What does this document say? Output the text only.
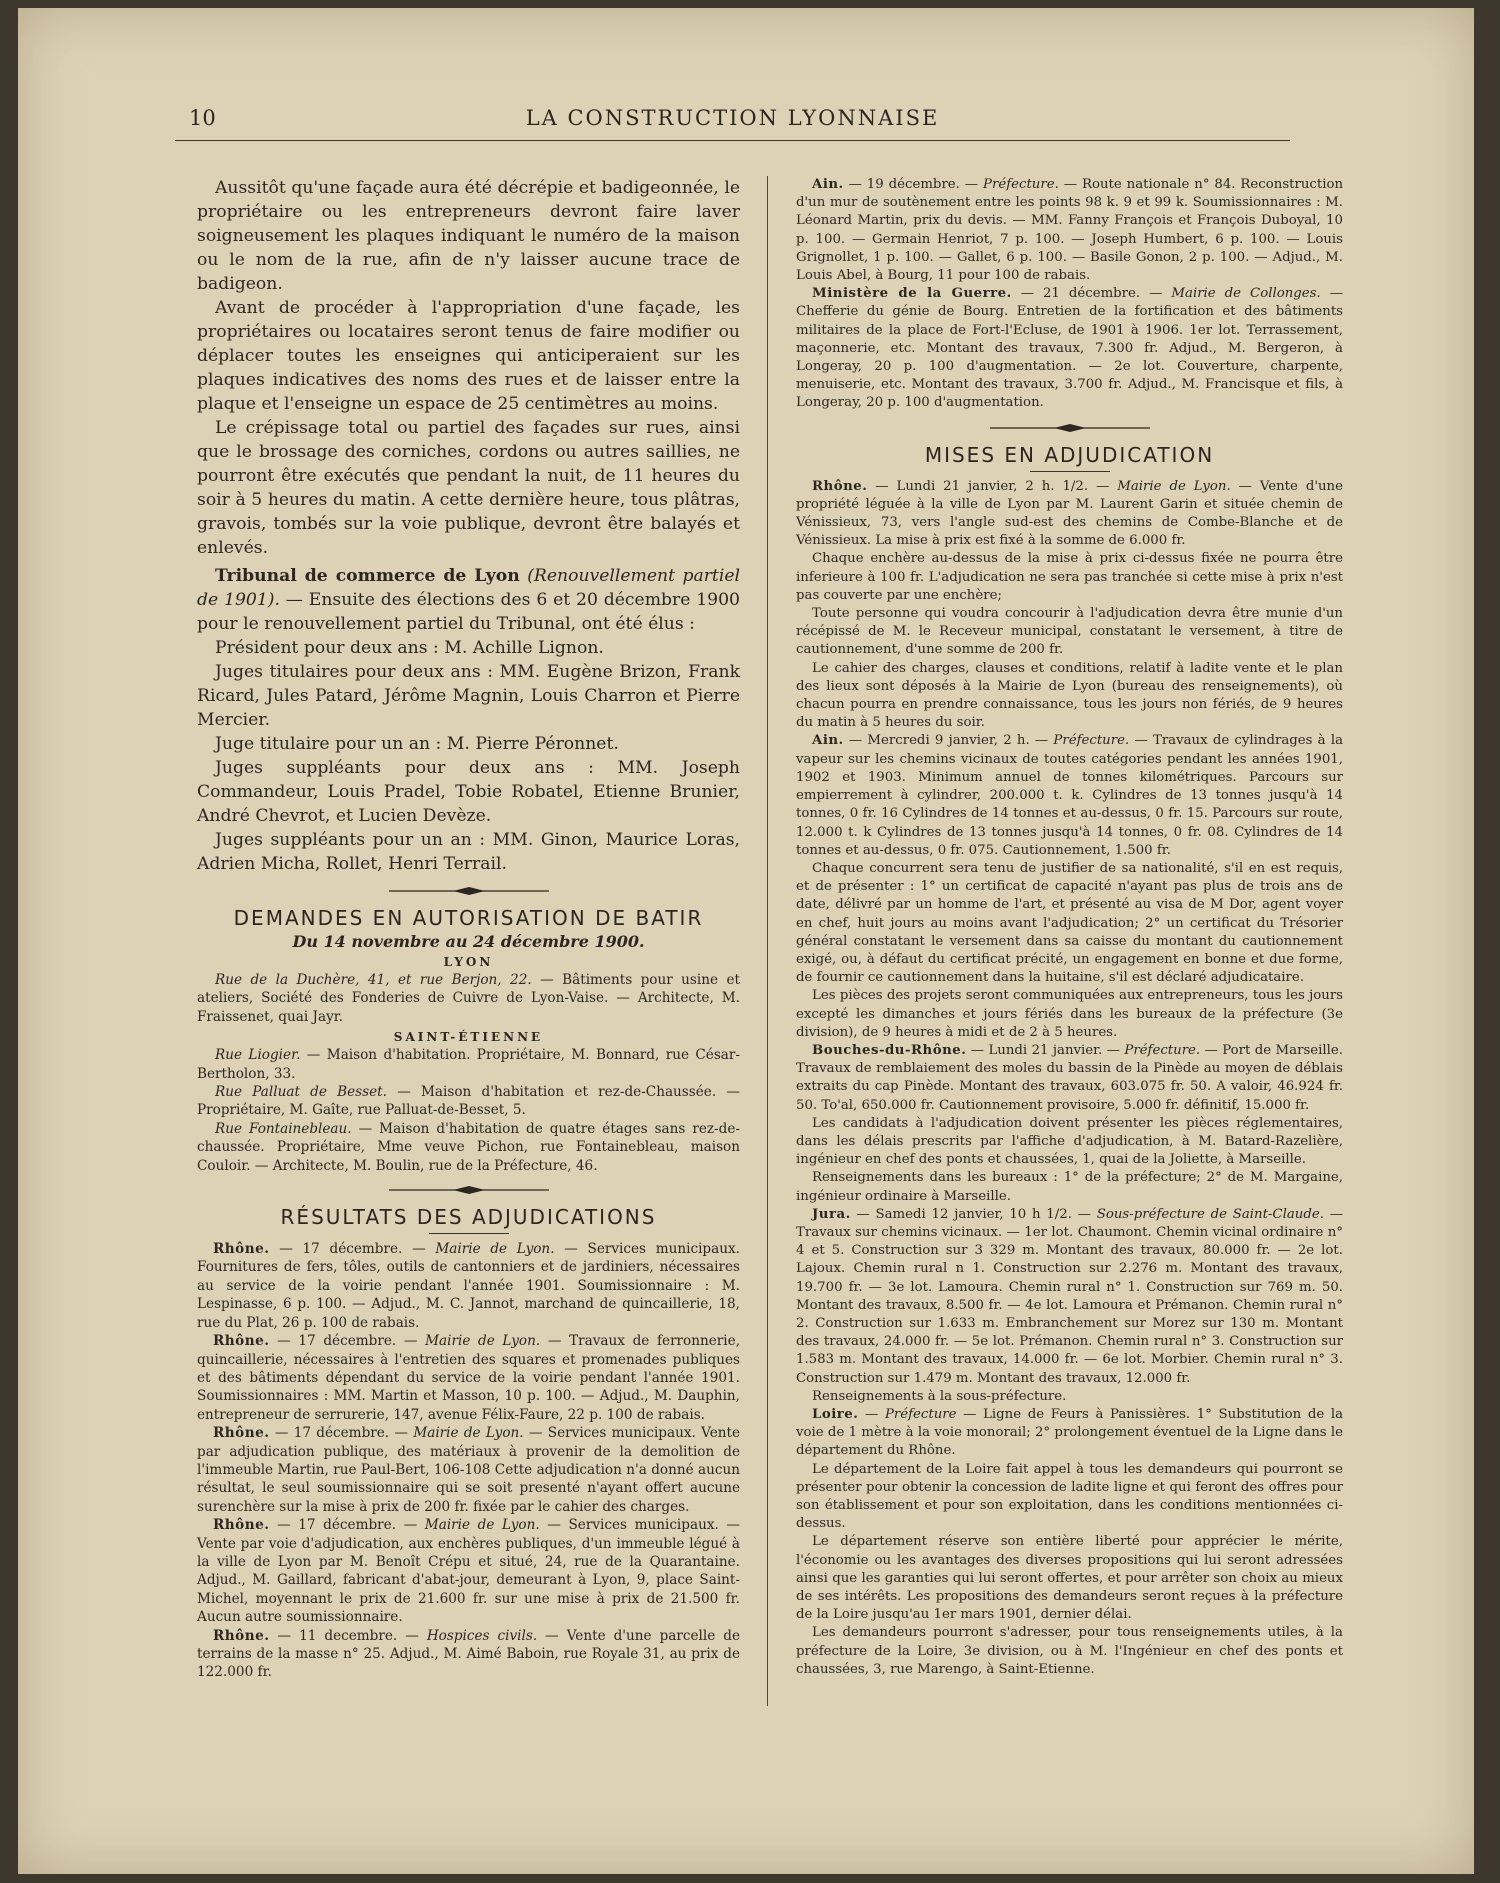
10	LA CONSTRUCTION LYONNAISE

Aussitôt qu'une façade aura été décrépie et badigeonnée, le propriétaire ou les entrepreneurs devront faire laver soigneusement les plaques indiquant le numéro de la maison ou le nom de la rue, afin de n'y laisser aucune trace de badigeon.

Avant de procéder à l'appropriation d'une façade, les propriétaires ou locataires seront tenus de faire modifier ou déplacer toutes les enseignes qui anticiperaient sur les plaques indicatives des noms des rues et de laisser entre la plaque et l'enseigne un espace de 25 centimètres au moins.

Le crépissage total ou partiel des façades sur rues, ainsi que le brossage des corniches, cordons ou autres saillies, ne pourront être exécutés que pendant la nuit, de 11 heures du soir à 5 heures du matin. A cette dernière heure, tous plâtras, gravois, tombés sur la voie publique, devront être balayés et enlevés.

Tribunal de commerce de Lyon (Renouvellement partiel de 1901). — Ensuite des élections des 6 et 20 décembre 1900 pour le renouvellement partiel du Tribunal, ont été élus :

Président pour deux ans : M. Achille Lignon.

Juges titulaires pour deux ans : MM. Eugène Brizon, Frank Ricard, Jules Patard, Jérôme Magnin, Louis Charron et Pierre Mercier.

Juge titulaire pour un an : M. Pierre Péronnet.

Juges suppléants pour deux ans : MM. Joseph Commandeur, Louis Pradel, Tobie Robatel, Etienne Brunier, André Chevrot, et Lucien Devèze.

Juges suppléants pour un an : MM. Ginon, Maurice Loras, Adrien Micha, Rollet, Henri Terrail.

DEMANDES EN AUTORISATION DE BATIR
Du 14 novembre au 24 décembre 1900.
LYON

Rue de la Duchère, 41, et rue Berjon, 22. — Bâtiments pour usine et ateliers, Société des Fonderies de Cuivre de Lyon-Vaise. — Architecte, M. Fraissenet, quai Jayr.

SAINT-ÉTIENNE

Rue Liogier. — Maison d'habitation. Propriétaire, M. Bonnard, rue César-Bertholon, 33.

Rue Palluat de Besset. — Maison d'habitation et rez-de-Chaussée. — Propriétaire, M. Gaîte, rue Palluat-de-Besset, 5.

Rue Fontainebleau. — Maison d'habitation de quatre étages sans rez-de-chaussée. Propriétaire, Mme veuve Pichon, rue Fontainebleau, maison Couloir. — Architecte, M. Boulin, rue de la Préfecture, 46.

RÉSULTATS DES ADJUDICATIONS

Rhône. — 17 décembre. — Mairie de Lyon. — Services municipaux. Fournitures de fers, tôles, outils de cantonniers et de jardiniers, nécessaires au service de la voirie pendant l'année 1901. Soumissionnaire : M. Lespinasse, 6 p. 100. — Adjud., M. C. Jannot, marchand de quincaillerie, 18, rue du Plat, 26 p. 100 de rabais.

Rhône. — 17 décembre. — Mairie de Lyon. — Travaux de ferronnerie, quincaillerie, nécessaires à l'entretien des squares et promenades publiques et des bâtiments dépendant du service de la voirie pendant l'année 1901. Soumissionnaires : MM. Martin et Masson, 10 p. 100. — Adjud., M. Dauphin, entrepreneur de serrurerie, 147, avenue Félix-Faure, 22 p. 100 de rabais.

Rhône. — 17 décembre. — Mairie de Lyon. — Services municipaux. Vente par adjudication publique, des matériaux à provenir de la demolition de l'immeuble Martin, rue Paul-Bert, 106-108 Cette adjudication n'a donné aucun résultat, le seul soumissionnaire qui se soit presenté n'ayant offert aucune surenchère sur la mise à prix de 200 fr. fixée par le cahier des charges.

Rhône. — 17 décembre. — Mairie de Lyon. — Services municipaux. — Vente par voie d'adjudication, aux enchères publiques, d'un immeuble légué à la ville de Lyon par M. Benoît Crépu et situé, 24, rue de la Quarantaine. Adjud., M. Gaillard, fabricant d'abat-jour, demeurant à Lyon, 9, place Saint-Michel, moyennant le prix de 21.600 fr. sur une mise à prix de 21.500 fr. Aucun autre soumissionnaire.

Rhône. — 11 decembre. — Hospices civils. — Vente d'une parcelle de terrains de la masse n° 25. Adjud., M. Aimé Baboin, rue Royale 31, au prix de 122.000 fr.

Ain. — 19 décembre. — Préfecture. — Route nationale n° 84. Reconstruction d'un mur de soutènement entre les points 98 k. 9 et 99 k. Soumissionnaires : M. Léonard Martin, prix du devis. — MM. Fanny François et François Duboyal, 10 p. 100. — Germain Henriot, 7 p. 100. — Joseph Humbert, 6 p. 100. — Louis Grignollet, 1 p. 100. — Gallet, 6 p. 100. — Basile Gonon, 2 p. 100. — Adjud., M. Louis Abel, à Bourg, 11 pour 100 de rabais.

Ministère de la Guerre. — 21 décembre. — Mairie de Collonges. — Chefferie du génie de Bourg. Entretien de la fortification et des bâtiments militaires de la place de Fort-l'Ecluse, de 1901 à 1906. 1er lot. Terrassement, maçonnerie, etc. Montant des travaux, 7.300 fr. Adjud., M. Bergeron, à Longeray, 20 p. 100 d'augmentation. — 2e lot. Couverture, charpente, menuiserie, etc. Montant des travaux, 3.700 fr. Adjud., M. Francisque et fils, à Longeray, 20 p. 100 d'augmentation.

MISES EN ADJUDICATION

Rhône. — Lundi 21 janvier, 2 h. 1/2. — Mairie de Lyon. — Vente d'une propriété léguée à la ville de Lyon par M. Laurent Garin et située chemin de Vénissieux, 73, vers l'angle sud-est des chemins de Combe-Blanche et de Vénissieux. La mise à prix est fixé à la somme de 6.000 fr.

Chaque enchère au-dessus de la mise à prix ci-dessus fixée ne pourra être inferieure à 100 fr. L'adjudication ne sera pas tranchée si cette mise à prix n'est pas couverte par une enchère;

Toute personne qui voudra concourir à l'adjudication devra être munie d'un récépissé de M. le Receveur municipal, constatant le versement, à titre de cautionnement, d'une somme de 200 fr.

Le cahier des charges, clauses et conditions, relatif à ladite vente et le plan des lieux sont déposés à la Mairie de Lyon (bureau des renseignements), où chacun pourra en prendre connaissance, tous les jours non fériés, de 9 heures du matin à 5 heures du soir.

Ain. — Mercredi 9 janvier, 2 h. — Préfecture. — Travaux de cylindrages à la vapeur sur les chemins vicinaux de toutes catégories pendant les années 1901, 1902 et 1903. Minimum annuel de tonnes kilométriques. Parcours sur empierrement à cylindrer, 200.000 t. k. Cylindres de 13 tonnes jusqu'à 14 tonnes, 0 fr. 16 Cylindres de 14 tonnes et au-dessus, 0 fr. 15. Parcours sur route, 12.000 t. k Cylindres de 13 tonnes jusqu'à 14 tonnes, 0 fr. 08. Cylindres de 14 tonnes et au-dessus, 0 fr. 075. Cautionnement, 1.500 fr.

Chaque concurrent sera tenu de justifier de sa nationalité, s'il en est requis, et de présenter : 1° un certificat de capacité n'ayant pas plus de trois ans de date, délivré par un homme de l'art, et présenté au visa de M Dor, agent voyer en chef, huit jours au moins avant l'adjudication; 2° un certificat du Trésorier général constatant le versement dans sa caisse du montant du cautionnement exigé, ou, à défaut du certificat précité, un engagement en bonne et due forme, de fournir ce cautionnement dans la huitaine, s'il est déclaré adjudicataire.

Les pièces des projets seront communiquées aux entrepreneurs, tous les jours excepté les dimanches et jours fériés dans les bureaux de la préfecture (3e division), de 9 heures à midi et de 2 à 5 heures.

Bouches-du-Rhône. — Lundi 21 janvier. — Préfecture. — Port de Marseille. Travaux de remblaiement des moles du bassin de la Pinède au moyen de déblais extraits du cap Pinède. Montant des travaux, 603.075 fr. 50. A valoir, 46.924 fr. 50. To'al, 650.000 fr. Cautionnement provisoire, 5.000 fr. définitif, 15.000 fr.

Les candidats à l'adjudication doivent présenter les pièces réglementaires, dans les délais prescrits par l'affiche d'adjudication, à M. Batard-Razelière, ingénieur en chef des ponts et chaussées, 1, quai de la Joliette, à Marseille.

Renseignements dans les bureaux : 1° de la préfecture; 2° de M. Margaine, ingénieur ordinaire à Marseille.

Jura. — Samedi 12 janvier, 10 h 1/2. — Sous-préfecture de Saint-Claude. — Travaux sur chemins vicinaux. — 1er lot. Chaumont. Chemin vicinal ordinaire n° 4 et 5. Construction sur 3 329 m. Montant des travaux, 80.000 fr. — 2e lot. Lajoux. Chemin rural n 1. Construction sur 2.276 m. Montant des travaux, 19.700 fr. — 3e lot. Lamoura. Chemin rural n° 1. Construction sur 769 m. 50. Montant des travaux, 8.500 fr. — 4e lot. Lamoura et Prémanon. Chemin rural n° 2. Construction sur 1.633 m. Embranchement sur Morez sur 130 m. Montant des travaux, 24.000 fr. — 5e lot. Prémanon. Chemin rural n° 3. Construction sur 1.583 m. Montant des travaux, 14.000 fr. — 6e lot. Morbier. Chemin rural n° 3. Construction sur 1.479 m. Montant des travaux, 12.000 fr.

Renseignements à la sous-préfecture.

Loire. — Préfecture — Ligne de Feurs à Panissières. 1° Substitution de la voie de 1 mètre à la voie monorail; 2° prolongement éventuel de la Ligne dans le département du Rhône.

Le département de la Loire fait appel à tous les demandeurs qui pourront se présenter pour obtenir la concession de ladite ligne et qui feront des offres pour son établissement et pour son exploitation, dans les conditions mentionnées ci-dessus.

Le département réserve son entière liberté pour apprécier le mérite, l'économie ou les avantages des diverses propositions qui lui seront adressées ainsi que les garanties qui lui seront offertes, et pour arrêter son choix au mieux de ses intérêts. Les propositions des demandeurs seront reçues à la préfecture de la Loire jusqu'au 1er mars 1901, dernier délai.

Les demandeurs pourront s'adresser, pour tous renseignements utiles, à la préfecture de la Loire, 3e division, ou à M. l'Ingénieur en chef des ponts et chaussées, 3, rue Marengo, à Saint-Etienne.
